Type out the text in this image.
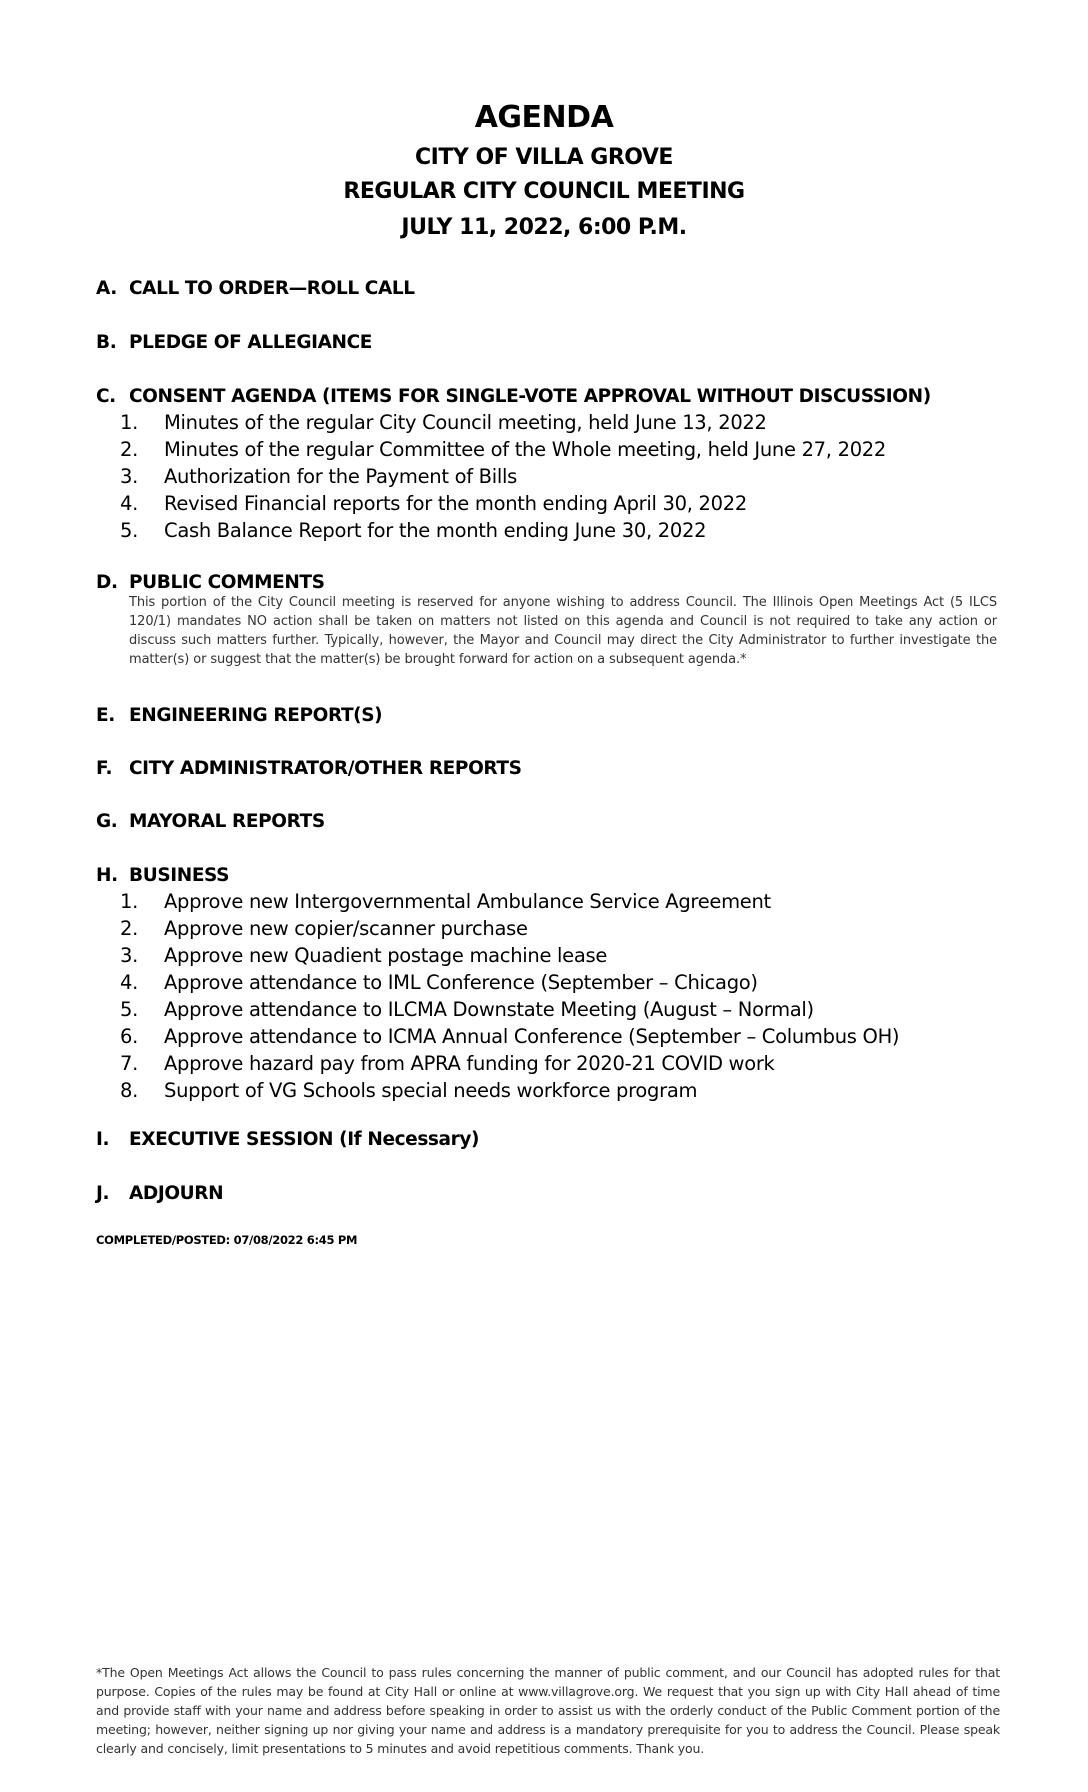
AGENDA
CITY OF VILLA GROVE
REGULAR CITY COUNCIL MEETING
JULY 11, 2022, 6:00 P.M.
A. CALL TO ORDER—ROLL CALL
B. PLEDGE OF ALLEGIANCE
C. CONSENT AGENDA (ITEMS FOR SINGLE-VOTE APPROVAL WITHOUT DISCUSSION)
1. Minutes of the regular City Council meeting, held June 13, 2022
2. Minutes of the regular Committee of the Whole meeting, held June 27, 2022
3. Authorization for the Payment of Bills
4. Revised Financial reports for the month ending April 30, 2022
5. Cash Balance Report for the month ending June 30, 2022
D. PUBLIC COMMENTS
This portion of the City Council meeting is reserved for anyone wishing to address Council. The Illinois Open Meetings Act (5 ILCS 120/1) mandates NO action shall be taken on matters not listed on this agenda and Council is not required to take any action or discuss such matters further. Typically, however, the Mayor and Council may direct the City Administrator to further investigate the matter(s) or suggest that the matter(s) be brought forward for action on a subsequent agenda.*
E. ENGINEERING REPORT(S)
F. CITY ADMINISTRATOR/OTHER REPORTS
G. MAYORAL REPORTS
H. BUSINESS
1. Approve new Intergovernmental Ambulance Service Agreement
2. Approve new copier/scanner purchase
3. Approve new Quadient postage machine lease
4. Approve attendance to IML Conference (September – Chicago)
5. Approve attendance to ILCMA Downstate Meeting (August – Normal)
6. Approve attendance to ICMA Annual Conference (September – Columbus OH)
7. Approve hazard pay from APRA funding for 2020-21 COVID work
8. Support of VG Schools special needs workforce program
I. EXECUTIVE SESSION (If Necessary)
J. ADJOURN
COMPLETED/POSTED: 07/08/2022 6:45 PM
*The Open Meetings Act allows the Council to pass rules concerning the manner of public comment, and our Council has adopted rules for that purpose. Copies of the rules may be found at City Hall or online at www.villagrove.org. We request that you sign up with City Hall ahead of time and provide staff with your name and address before speaking in order to assist us with the orderly conduct of the Public Comment portion of the meeting; however, neither signing up nor giving your name and address is a mandatory prerequisite for you to address the Council. Please speak clearly and concisely, limit presentations to 5 minutes and avoid repetitious comments. Thank you.
